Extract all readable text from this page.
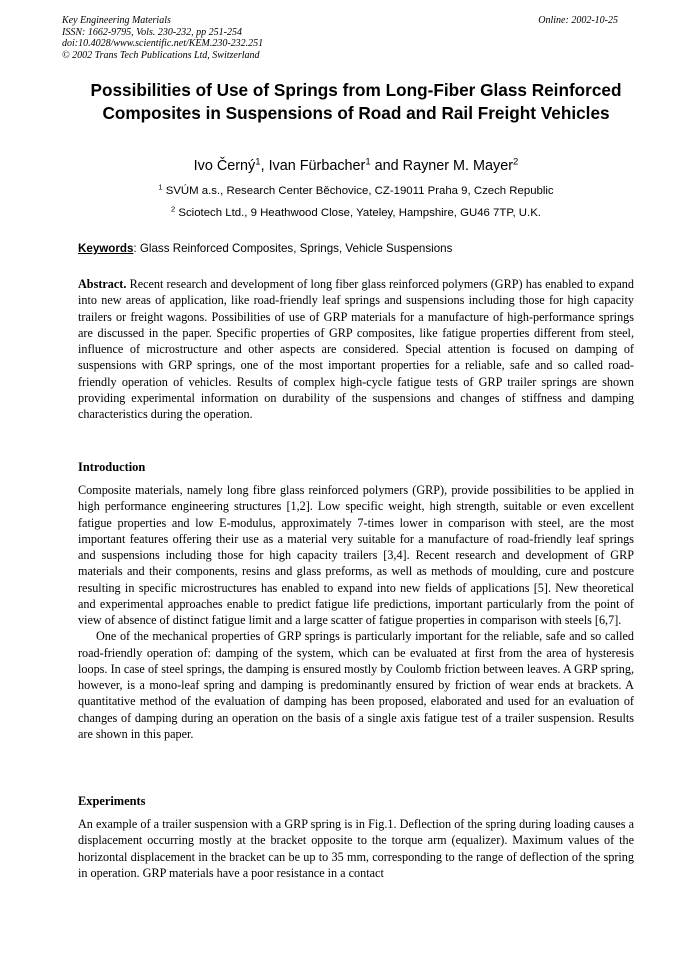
Key Engineering Materials
ISSN: 1662-9795, Vols. 230-232, pp 251-254
doi:10.4028/www.scientific.net/KEM.230-232.251
© 2002 Trans Tech Publications Ltd, Switzerland
Online: 2002-10-25
Possibilities of Use of Springs from Long-Fiber Glass Reinforced Composites in Suspensions of Road and Rail Freight Vehicles
Ivo Černý$^1$, Ivan Fürbacher$^1$ and Rayner M. Mayer$^2$
$^1$ SVÚM a.s., Research Center Běchovice, CZ-19011 Praha 9, Czech Republic
$^2$ Sciotech Ltd., 9 Heathwood Close, Yateley, Hampshire, GU46 7TP, U.K.
Keywords: Glass Reinforced Composites, Springs, Vehicle Suspensions
Abstract. Recent research and development of long fiber glass reinforced polymers (GRP) has enabled to expand into new areas of application, like road-friendly leaf springs and suspensions including those for high capacity trailers or freight wagons. Possibilities of use of GRP materials for a manufacture of high-performance springs are discussed in the paper. Specific properties of GRP composites, like fatigue properties different from steel, influence of microstructure and other aspects are considered. Special attention is focused on damping of suspensions with GRP springs, one of the most important properties for a reliable, safe and so called road-friendly operation of vehicles. Results of complex high-cycle fatigue tests of GRP trailer springs are shown providing experimental information on durability of the suspensions and changes of stiffness and damping characteristics during the operation.
Introduction

Composite materials, namely long fibre glass reinforced polymers (GRP), provide possibilities to be applied in high performance engineering structures [1,2]. Low specific weight, high strength, suitable or even excellent fatigue properties and low E-modulus, approximately 7-times lower in comparison with steel, are the most important features offering their use as a material very suitable for a manufacture of road-friendly leaf springs and suspensions including those for high capacity trailers [3,4]. Recent research and development of GRP materials and their components, resins and glass preforms, as well as methods of moulding, cure and postcure resulting in specific microstructures has enabled to expand into new fields of applications [5]. New theoretical and experimental approaches enable to predict fatigue life predictions, important particularly from the point of view of absence of distinct fatigue limit and a large scatter of fatigue properties in comparison with steels [6,7].

One of the mechanical properties of GRP springs is particularly important for the reliable, safe and so called road-friendly operation of: damping of the system, which can be evaluated at first from the area of hysteresis loops. In case of steel springs, the damping is ensured mostly by Coulomb friction between leaves. A GRP spring, however, is a mono-leaf spring and damping is predominantly ensured by friction of wear ends at brackets. A quantitative method of the evaluation of damping has been proposed, elaborated and used for an evaluation of changes of damping during an operation on the basis of a single axis fatigue test of a trailer suspension. Results are shown in this paper.

Experiments
An example of a trailer suspension with a GRP spring is in Fig.1. Deflection of the spring during loading causes a displacement occurring mostly at the bracket opposite to the torque arm (equalizer). Maximum values of the horizontal displacement in the bracket can be up to 35 mm, corresponding to the range of deflection of the spring in operation. GRP materials have a poor resistance in a contact
